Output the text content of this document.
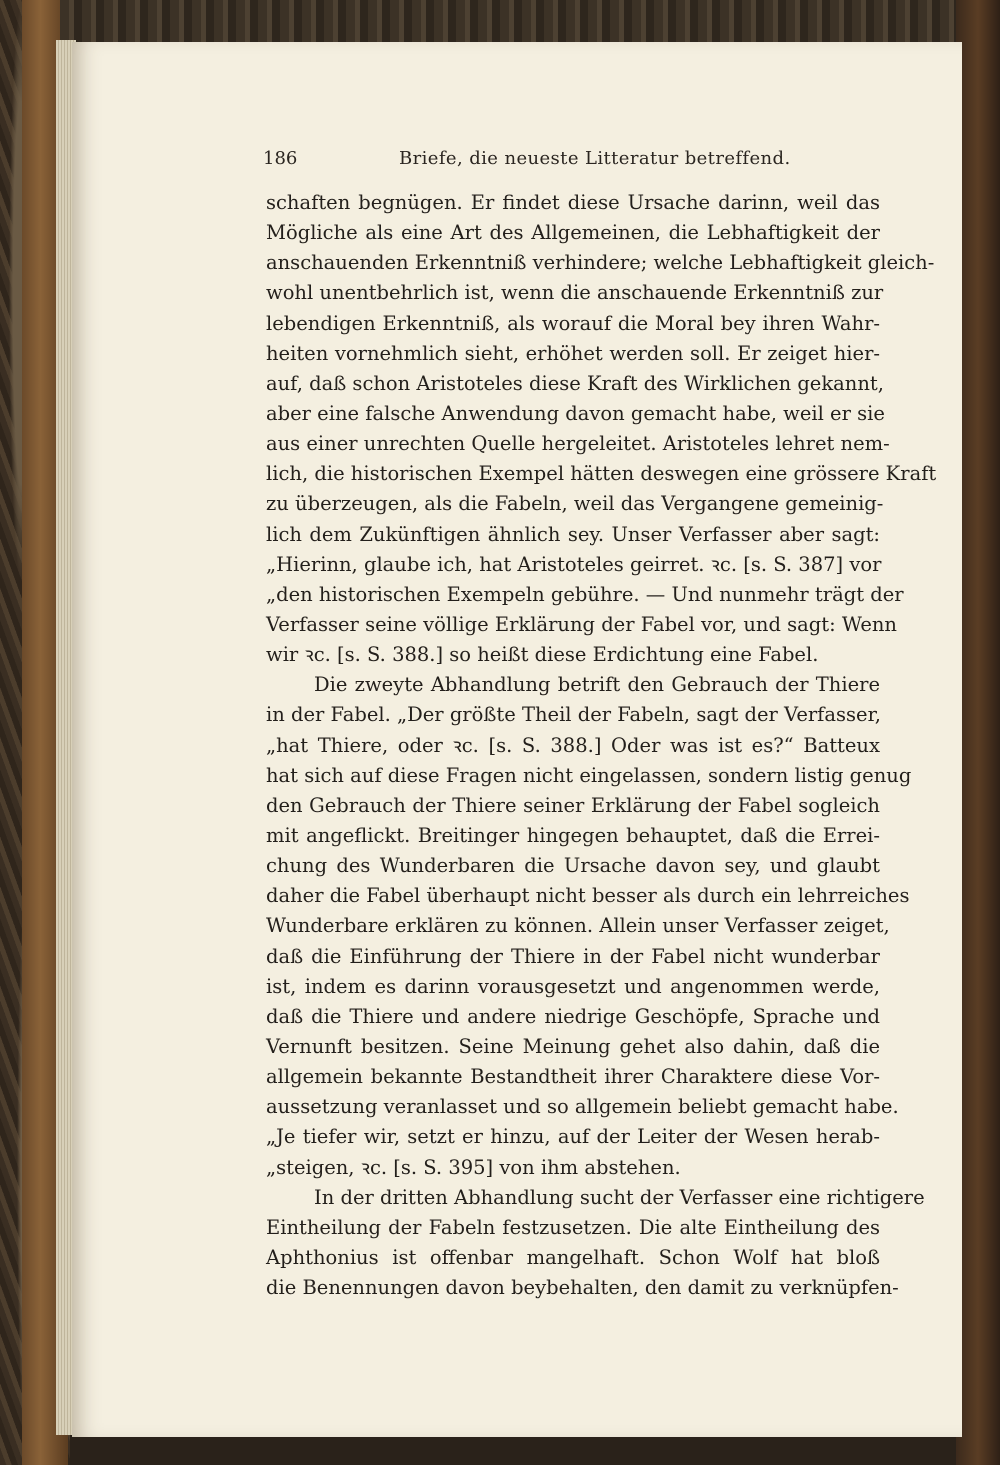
186	Briefe, die neueste Litteratur betreffend.
schaften begnügen. Er findet diese Ursache darinn, weil das
Mögliche als eine Art des Allgemeinen, die Lebhaftigkeit der
anschauenden Erkenntniß verhindere; welche Lebhaftigkeit gleich-
wohl unentbehrlich ist, wenn die anschauende Erkenntniß zur
lebendigen Erkenntniß, als worauf die Moral bey ihren Wahr-
heiten vornehmlich sieht, erhöhet werden soll. Er zeiget hier-
auf, daß schon Aristoteles diese Kraft des Wirklichen gekannt,
aber eine falsche Anwendung davon gemacht habe, weil er sie
aus einer unrechten Quelle hergeleitet. Aristoteles lehret nem-
lich, die historischen Exempel hätten deswegen eine grössere Kraft
zu überzeugen, als die Fabeln, weil das Vergangene gemeinig-
lich dem Zukünftigen ähnlich sey. Unser Verfasser aber sagt:
„Hierinn, glaube ich, hat Aristoteles geirret. ꝛc. [s. S. 387] vor
„den historischen Exempeln gebühre. — Und nunmehr trägt der
Verfasser seine völlige Erklärung der Fabel vor, und sagt: Wenn
wir ꝛc. [s. S. 388.] so heißt diese Erdichtung eine Fabel.
Die zweyte Abhandlung betrift den Gebrauch der Thiere
in der Fabel. „Der größte Theil der Fabeln, sagt der Verfasser,
„hat Thiere, oder ꝛc. [s. S. 388.] Oder was ist es?“ Batteux
hat sich auf diese Fragen nicht eingelassen, sondern listig genug
den Gebrauch der Thiere seiner Erklärung der Fabel sogleich
mit angeflickt. Breitinger hingegen behauptet, daß die Errei-
chung des Wunderbaren die Ursache davon sey, und glaubt
daher die Fabel überhaupt nicht besser als durch ein lehrreiches
Wunderbare erklären zu können. Allein unser Verfasser zeiget,
daß die Einführung der Thiere in der Fabel nicht wunderbar
ist, indem es darinn vorausgesetzt und angenommen werde,
daß die Thiere und andere niedrige Geschöpfe, Sprache und
Vernunft besitzen. Seine Meinung gehet also dahin, daß die
allgemein bekannte Bestandtheit ihrer Charaktere diese Vor-
aussetzung veranlasset und so allgemein beliebt gemacht habe.
„Je tiefer wir, setzt er hinzu, auf der Leiter der Wesen herab-
„steigen, ꝛc. [s. S. 395] von ihm abstehen.
In der dritten Abhandlung sucht der Verfasser eine richtigere
Eintheilung der Fabeln festzusetzen. Die alte Eintheilung des
Aphthonius ist offenbar mangelhaft. Schon Wolf hat bloß
die Benennungen davon beybehalten, den damit zu verknüpfen-
